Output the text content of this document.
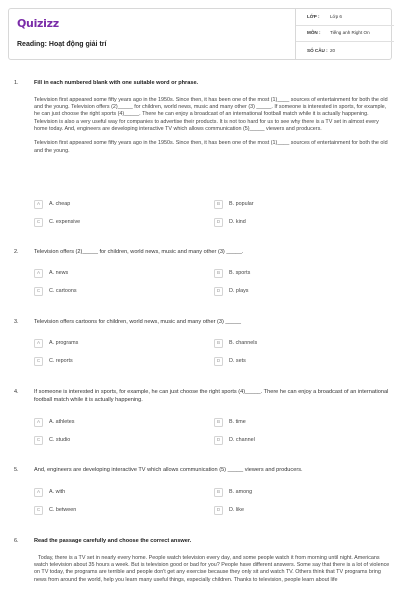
Quizizz
Reading: Hoạt động giải trí
LỚP :	Lớp 6
MÔN :	Tiếng anh Right On
SỐ CÂU : 20
1.	Fill in each numbered blank with one suitable word or phrase.
Television first appeared some fifty years ago in the 1950s. Since then, it has been one of the most (1)____ sources of entertainment for both the old and the young. Television offers (2)_____ for children, world news, music and many other (3) _____. If someone is interested in sports, for example, he can just choose the right sports (4)_____. There he can enjoy a broadcast of an international football match while it is actually happening. Television is also a very useful way for companies to advertise their products. It is not too hard for us to see why there is a TV set in almost every home today. And, engineers are developing interactive TV which allows communication (5)_____ viewers and producers.
Television first appeared some fifty years ago in the 1950s. Since then, it has been one of the most (1)____ sources of entertainment for both the old and the young.
A	A. cheap	B	B. popular
C	C. expensive	D	D. kind
2.	Television offers (2)_____ for children, world news, music and many other (3) _____.
A	A. news	B	B. sports
C	C. cartoons	D	D. plays
3.	Television offers cartoons for children, world news, music and many other (3) _____
A	A. programs	B	B. channels
C	C. reports	D	D. sets
4.	If someone is interested in sports, for example, he can just choose the right sports (4)_____. There he can enjoy a broadcast of an international football match while it is actually happening.
A	A. athletes	B	B. time
C	C. studio	D	D. channel
5.	And, engineers are developing interactive TV which allows communication (5) _____ viewers and producers.
A	A. with	B	B. among
C	C. between	D	D. like
6.	Read the passage carefully and choose the correct answer.
Today, there is a TV set in nearly every home. People watch television every day, and some people watch it from morning until night. Americans watch television about 35 hours a week. But is television good or bad for you? People have different answers. Some say that there is a lot of violence on TV today, the programs are terrible and people don't get any exercise because they only sit and watch TV. Others think that TV programs bring news from around the world, help you learn many useful things, especially children. Thanks to television, people learn about life
